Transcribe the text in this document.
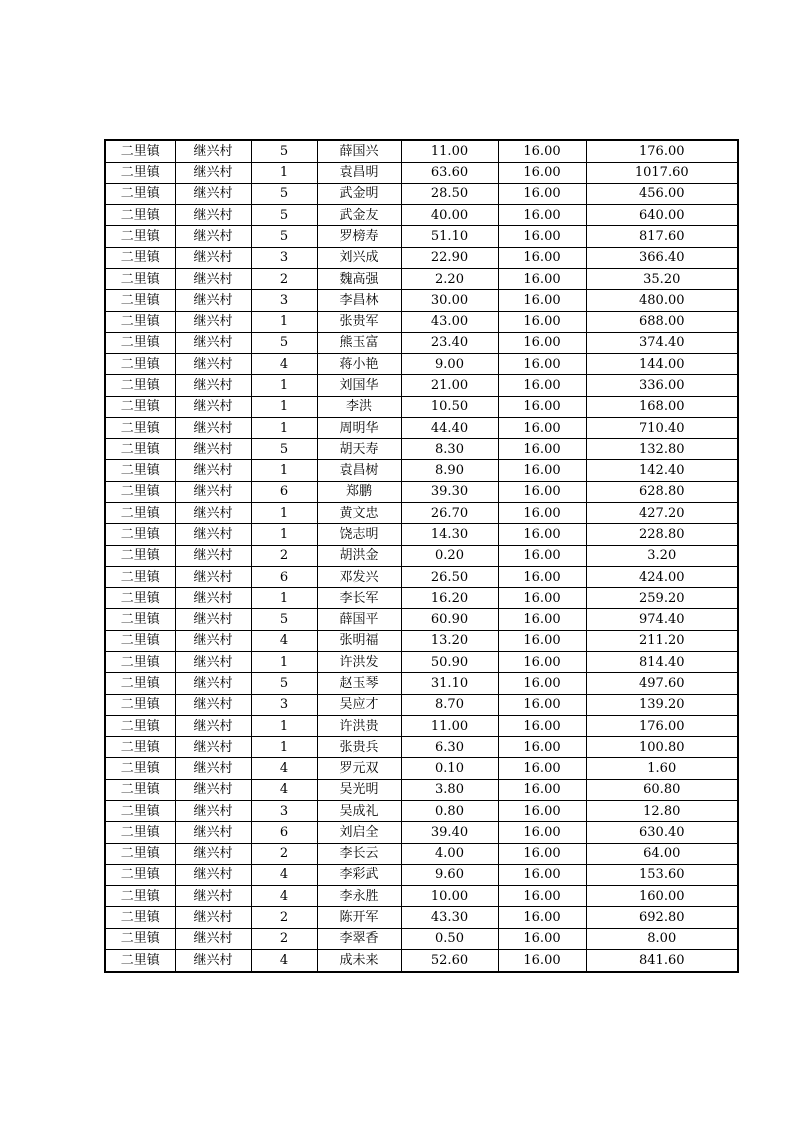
二里镇	继兴村	5	薛国兴	11.00	16.00	176.00
二里镇	继兴村	1	袁昌明	63.60	16.00	1017.60
二里镇	继兴村	5	武金明	28.50	16.00	456.00
二里镇	继兴村	5	武金友	40.00	16.00	640.00
二里镇	继兴村	5	罗榜寿	51.10	16.00	817.60
二里镇	继兴村	3	刘兴成	22.90	16.00	366.40
二里镇	继兴村	2	魏高强	2.20	16.00	35.20
二里镇	继兴村	3	李昌林	30.00	16.00	480.00
二里镇	继兴村	1	张贵军	43.00	16.00	688.00
二里镇	继兴村	5	熊玉富	23.40	16.00	374.40
二里镇	继兴村	4	蒋小艳	9.00	16.00	144.00
二里镇	继兴村	1	刘国华	21.00	16.00	336.00
二里镇	继兴村	1	李洪	10.50	16.00	168.00
二里镇	继兴村	1	周明华	44.40	16.00	710.40
二里镇	继兴村	5	胡天寿	8.30	16.00	132.80
二里镇	继兴村	1	袁昌树	8.90	16.00	142.40
二里镇	继兴村	6	郑鹏	39.30	16.00	628.80
二里镇	继兴村	1	黄文忠	26.70	16.00	427.20
二里镇	继兴村	1	饶志明	14.30	16.00	228.80
二里镇	继兴村	2	胡洪金	0.20	16.00	3.20
二里镇	继兴村	6	邓发兴	26.50	16.00	424.00
二里镇	继兴村	1	李长军	16.20	16.00	259.20
二里镇	继兴村	5	薛国平	60.90	16.00	974.40
二里镇	继兴村	4	张明福	13.20	16.00	211.20
二里镇	继兴村	1	许洪发	50.90	16.00	814.40
二里镇	继兴村	5	赵玉琴	31.10	16.00	497.60
二里镇	继兴村	3	吴应才	8.70	16.00	139.20
二里镇	继兴村	1	许洪贵	11.00	16.00	176.00
二里镇	继兴村	1	张贵兵	6.30	16.00	100.80
二里镇	继兴村	4	罗元双	0.10	16.00	1.60
二里镇	继兴村	4	吴光明	3.80	16.00	60.80
二里镇	继兴村	3	吴成礼	0.80	16.00	12.80
二里镇	继兴村	6	刘启全	39.40	16.00	630.40
二里镇	继兴村	2	李长云	4.00	16.00	64.00
二里镇	继兴村	4	李彩武	9.60	16.00	153.60
二里镇	继兴村	4	李永胜	10.00	16.00	160.00
二里镇	继兴村	2	陈开军	43.30	16.00	692.80
二里镇	继兴村	2	李翠香	0.50	16.00	8.00
二里镇	继兴村	4	成未来	52.60	16.00	841.60
